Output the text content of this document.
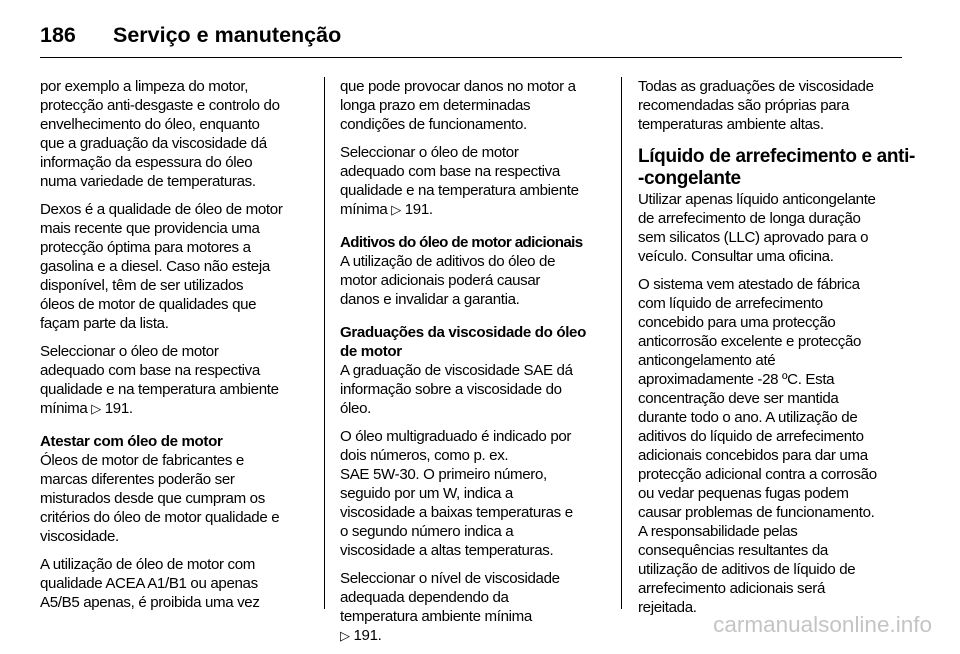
186	Serviço e manutenção

por exemplo a limpeza do motor,
protecção anti-desgaste e controlo do
envelhecimento do óleo, enquanto
que a graduação da viscosidade dá
informação da espessura do óleo
numa variedade de temperaturas.

Dexos é a qualidade de óleo de motor
mais recente que providencia uma
protecção óptima para motores a
gasolina e a diesel. Caso não esteja
disponível, têm de ser utilizados
óleos de motor de qualidades que
façam parte da lista.

Seleccionar o óleo de motor
adequado com base na respectiva
qualidade e na temperatura ambiente
mínima ▷ 191.

Atestar com óleo de motor

Óleos de motor de fabricantes e
marcas diferentes poderão ser
misturados desde que cumpram os
critérios do óleo de motor qualidade e
viscosidade.

A utilização de óleo de motor com
qualidade ACEA A1/B1 ou apenas
A5/B5 apenas, é proibida uma vez

que pode provocar danos no motor a
longa prazo em determinadas
condições de funcionamento.

Seleccionar o óleo de motor
adequado com base na respectiva
qualidade e na temperatura ambiente
mínima ▷ 191.

Aditivos do óleo de motor adicionais

A utilização de aditivos do óleo de
motor adicionais poderá causar
danos e invalidar a garantia.

Graduações da viscosidade do óleo
de motor

A graduação de viscosidade SAE dá
informação sobre a viscosidade do
óleo.

O óleo multigraduado é indicado por
dois números, como p. ex.
SAE 5W-30. O primeiro número,
seguido por um W, indica a
viscosidade a baixas temperaturas e
o segundo número indica a
viscosidade a altas temperaturas.

Seleccionar o nível de viscosidade
adequada dependendo da
temperatura ambiente mínima
▷ 191.

Todas as graduações de viscosidade
recomendadas são próprias para
temperaturas ambiente altas.

Líquido de arrefecimento e anti-
-congelante

Utilizar apenas líquido anticongelante
de arrefecimento de longa duração
sem silicatos (LLC) aprovado para o
veículo. Consultar uma oficina.

O sistema vem atestado de fábrica
com líquido de arrefecimento
concebido para uma protecção
anticorrosão excelente e protecção
anticongelamento até
aproximadamente -28 ºC. Esta
concentração deve ser mantida
durante todo o ano. A utilização de
aditivos do líquido de arrefecimento
adicionais concebidos para dar uma
protecção adicional contra a corrosão
ou vedar pequenas fugas podem
causar problemas de funcionamento.
A responsabilidade pelas
consequências resultantes da
utilização de aditivos de líquido de
arrefecimento adicionais será
rejeitada.

carmanualsonline.info
